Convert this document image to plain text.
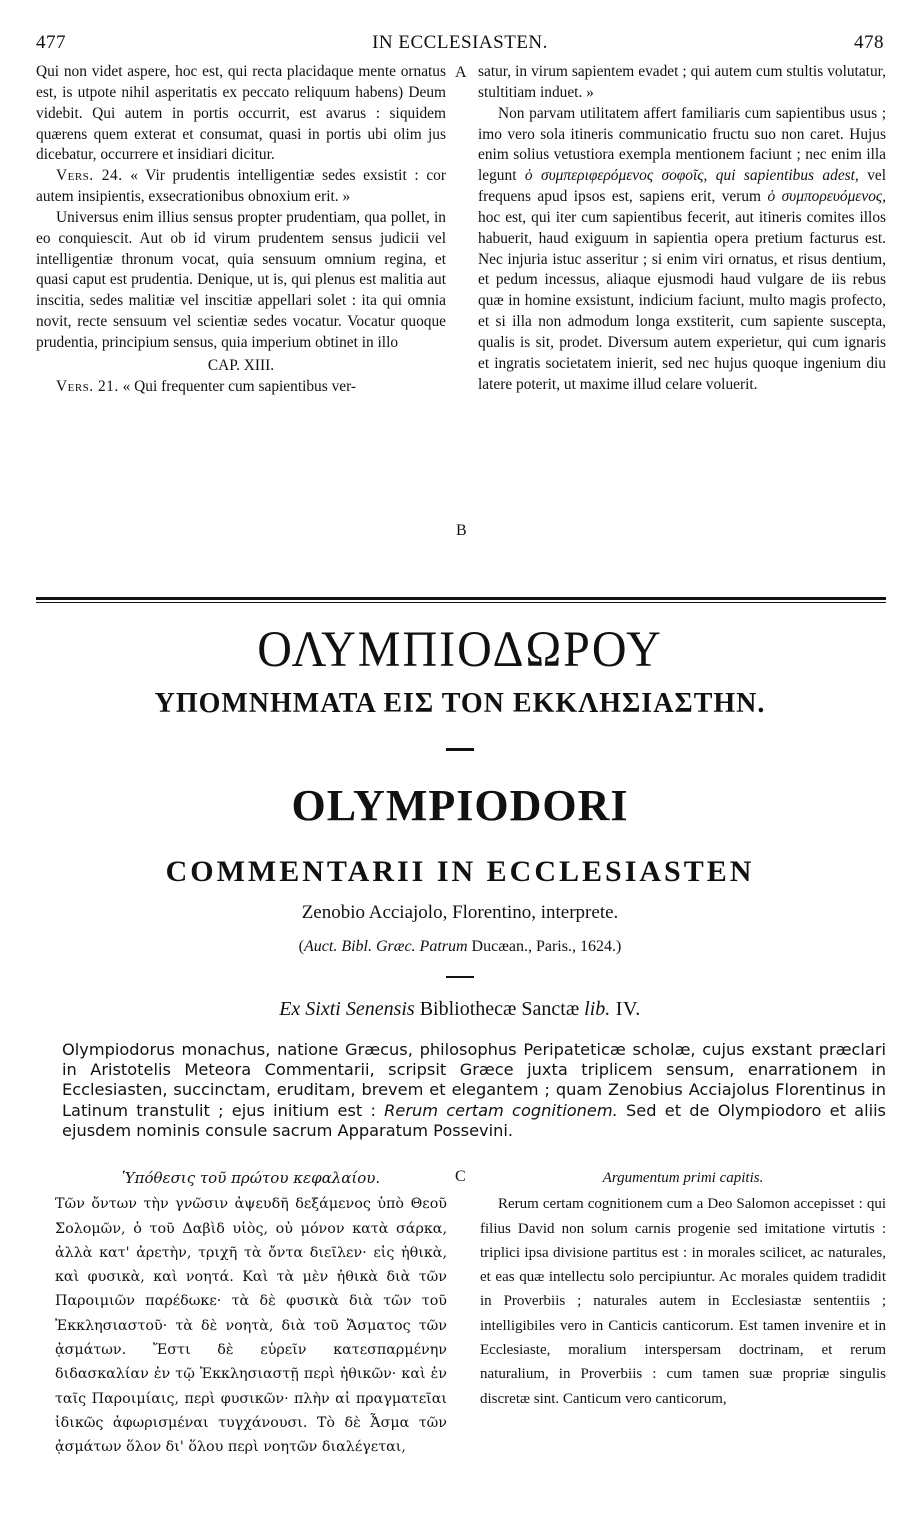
477	IN ECCLESIASTEN.	478

Qui non videt aspere, hoc est, qui recta placidaque mente ornatus est, is utpote nihil asperitatis ex peccato reliquum habens) Deum videbit. Qui autem in portis occurrit, est avarus : siquidem quærens quem exterat et consumat, quasi in portis ubi olim jus dicebatur, occurrere et insidiari dicitur.

Vers. 24. « Vir prudentis intelligentiæ sedes exsistit : cor autem insipientis, exsecrationibus obnoxium erit. »

Universus enim illius sensus propter prudentiam, qua pollet, in eo conquiescit. Aut ob id virum prudentem sensus judicii vel intelligentiæ thronum vocat, quia sensuum omnium regina, et quasi caput est prudentia. Denique, ut is, qui plenus est malitia aut inscitia, sedes malitiæ vel inscitiæ appellari solet : ita qui omnia novit, recte sensuum vel scientiæ sedes vocatur. Vocatur quoque prudentia, principium sensus, quia imperium obtinet in illo

CAP. XIII.

Vers. 21. « Qui frequenter cum sapientibus ver-

A
B

satur, in virum sapientem evadet ; qui autem cum stultis volutatur, stultitiam induet. »

Non parvam utilitatem affert familiaris cum sapientibus usus ; imo vero sola itineris communicatio fructu suo non caret. Hujus enim solius vetustiora exempla mentionem faciunt ; nec enim illa legunt ὁ συμπεριφερόμενος σοφοῖς, qui sapientibus adest, vel frequens apud ipsos est, sapiens erit, verum ὁ συμπορευόμενος, hoc est, qui iter cum sapientibus fecerit, aut itineris comites illos habuerit, haud exiguum in sapientia opera pretium facturus est. Nec injuria istuc asseritur ; si enim viri ornatus, et risus dentium, et pedum incessus, aliaque ejusmodi haud vulgare de iis rebus quæ in homine exsistunt, indicium faciunt, multo magis profecto, et si illa non admodum longa exstiterit, cum sapiente suscepta, qualis is sit, prodet. Diversum autem experietur, qui cum ignaris et ingratis societatem inierit, sed nec hujus quoque ingenium diu latere poterit, ut maxime illud celare voluerit.

ΟΛΥΜΠΙΟΔΩΡΟΥ
ΥΠΟΜΝΗΜΑΤΑ ΕΙΣ ΤΟΝ ΕΚΚΛΗΣΙΑΣΤΗΝ.
OLYMPIODORI
COMMENTARII IN ECCLESIASTEN
Zenobio Acciajolo, Florentino, interprete.
(Auct. Bibl. Græc. Patrum Ducæan., Paris., 1624.)
Ex Sixti Senensis Bibliothecæ Sanctæ lib. IV.

Olympiodorus monachus, natione Græcus, philosophus Peripateticæ scholæ, cujus exstant præclari in Aristotelis Meteora Commentarii, scripsit Græce juxta triplicem sensum, enarrationem in Ecclesiasten, succinctam, eruditam, brevem et elegantem ; quam Zenobius Acciajolus Florentinus in Latinum transtulit ; ejus initium est : Rerum certam cognitionem. Sed et de Olympiodoro et aliis ejusdem nominis consule sacrum Apparatum Possevini.

C
Ὑπόθεσις τοῦ πρώτου κεφαλαίου.

Τῶν ὄντων τὴν γνῶσιν ἀψευδῆ δεξάμενος ὑπὸ Θεοῦ Σολομῶν, ὁ τοῦ Δαβὶδ υἱὸς, οὐ μόνον κατὰ σάρκα, ἀλλὰ κατ' ἀρετὴν, τριχῆ τὰ ὄντα διεῖλεν· εἰς ἠθικὰ, καὶ φυσικὰ, καὶ νοητά. Καὶ τὰ μὲν ἠθικὰ διὰ τῶν Παροιμιῶν παρέδωκε· τὰ δὲ φυσικὰ διὰ τῶν τοῦ Ἐκκλησιαστοῦ· τὰ δὲ νοητὰ, διὰ τοῦ Ἄσματος τῶν ᾀσμάτων. Ἔστι δὲ εὑρεῖν κατεσπαρμένην διδασκαλίαν ἐν τῷ Ἐκκλησιαστῇ περὶ ἠθικῶν· καὶ ἐν ταῖς Παροιμίαις, περὶ φυσικῶν· πλὴν αἱ πραγματεῖαι ἰδικῶς ἀφωρισμέναι τυγχάνουσι. Τὸ δὲ Ἆσμα τῶν ᾀσμάτων ὅλον δι' ὅλου περὶ νοητῶν διαλέγεται,

Argumentum primi capitis.

Rerum certam cognitionem cum a Deo Salomon accepisset : qui filius David non solum carnis progenie sed imitatione virtutis : triplici ipsa divisione partitus est : in morales scilicet, ac naturales, et eas quæ intellectu solo percipiuntur. Ac morales quidem tradidit in Proverbiis ; naturales autem in Ecclesiastæ sententiis ; intelligibiles vero in Canticis canticorum. Est tamen invenire et in Ecclesiaste, moralium interspersam doctrinam, et rerum naturalium, in Proverbiis : cum tamen suæ propriæ singulis discretæ sint. Canticum vero canticorum,
